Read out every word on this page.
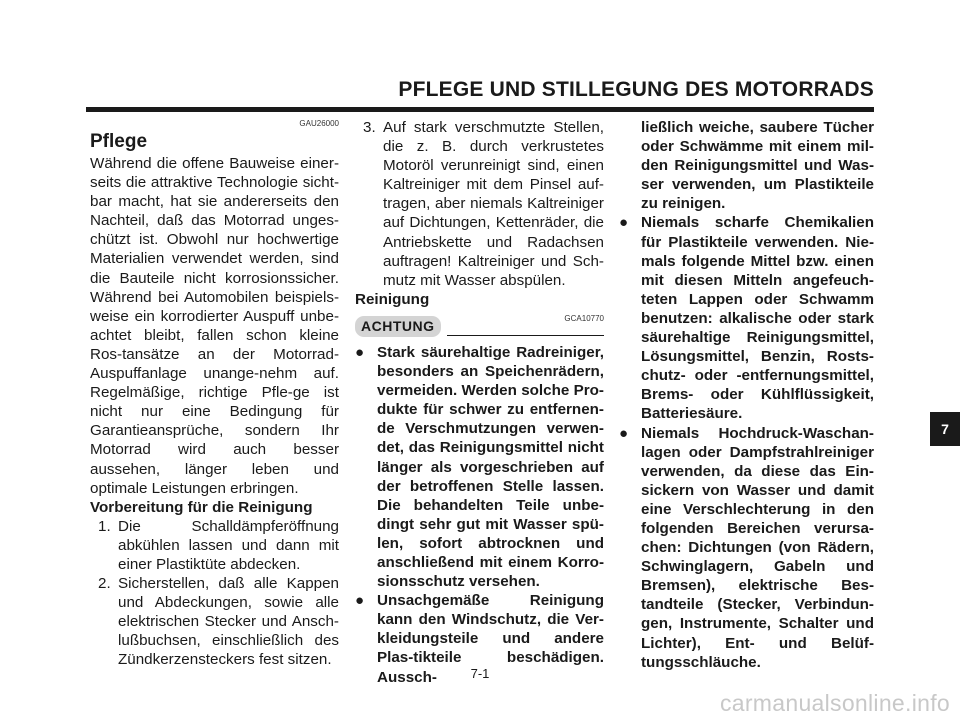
PFLEGE UND STILLEGUNG DES MOTORRADS
GAU26000
Pflege

Während die offene Bauweise einer-seits die attraktive Technologie sicht-bar macht, hat sie andererseits den Nachteil, daß das Motorrad unges-chützt ist. Obwohl nur hochwertige Materialien verwendet werden, sind die Bauteile nicht korrosionssicher. Während bei Automobilen beispiels-weise ein korrodierter Auspuff unbe-achtet bleibt, fallen schon kleine Ros-tansätze an der Motorrad-Auspuffanlage unange-nehm auf. Regelmäßige, richtige Pfle-ge ist nicht nur eine Bedingung für Garantieansprüche, sondern Ihr Motorrad wird auch besser aussehen, länger leben und optimale Leistungen erbringen.

Vorbereitung für die Reinigung
1. Die Schalldämpferöffnung abkühlen lassen und dann mit einer Plastiktüte abdecken.
2. Sicherstellen, daß alle Kappen und Abdeckungen, sowie alle elektrischen Stecker und Ansch-lußbuchsen, einschließlich des Zündkerzensteckers fest sitzen.
3. Auf stark verschmutzte Stellen, die z. B. durch verkrustetes Motoröl verunreinigt sind, einen Kaltreiniger mit dem Pinsel auf-tragen, aber niemals Kaltreiniger auf Dichtungen, Kettenräder, die Antriebskette und Radachsen auftragen! Kaltreiniger und Sch-mutz mit Wasser abspülen.
Reinigung
GCA10770
ACHTUNG
● Stark säurehaltige Radreiniger, besonders an Speichenrädern, vermeiden. Werden solche Pro-dukte für schwer zu entfernen-de Verschmutzungen verwen-det, das Reinigungsmittel nicht länger als vorgeschrieben auf der betroffenen Stelle lassen. Die behandelten Teile unbe-dingt sehr gut mit Wasser spü-len, sofort abtrocknen und anschließend mit einem Korro-sionsschutz versehen.
● Unsachgemäße Reinigung kann den Windschutz, die Ver-kleidungsteile und andere Plas-tikteile beschädigen. Aussch-
ließlich weiche, saubere Tücher oder Schwämme mit einem mil-den Reinigungsmittel und Was-ser verwenden, um Plastikteile zu reinigen.
● Niemals scharfe Chemikalien für Plastikteile verwenden. Nie-mals folgende Mittel bzw. einen mit diesen Mitteln angefeuch-teten Lappen oder Schwamm benutzen: alkalische oder stark säurehaltige Reinigungsmittel, Lösungsmittel, Benzin, Rosts-chutz- oder -entfernungsmittel, Brems- oder Kühlflüssigkeit, Batteriesäure.
● Niemals Hochdruck-Waschan-lagen oder Dampfstrahlreiniger verwenden, da diese das Ein-sickern von Wasser und damit eine Verschlechterung in den folgenden Bereichen verursa-chen: Dichtungen (von Rädern, Schwinglagern, Gabeln und Bremsen), elektrische Bes-tandteile (Stecker, Verbindun-gen, Instrumente, Schalter und Lichter), Ent- und Belüf-tungsschläuche.
7
7-1
carmanualsonline.info
